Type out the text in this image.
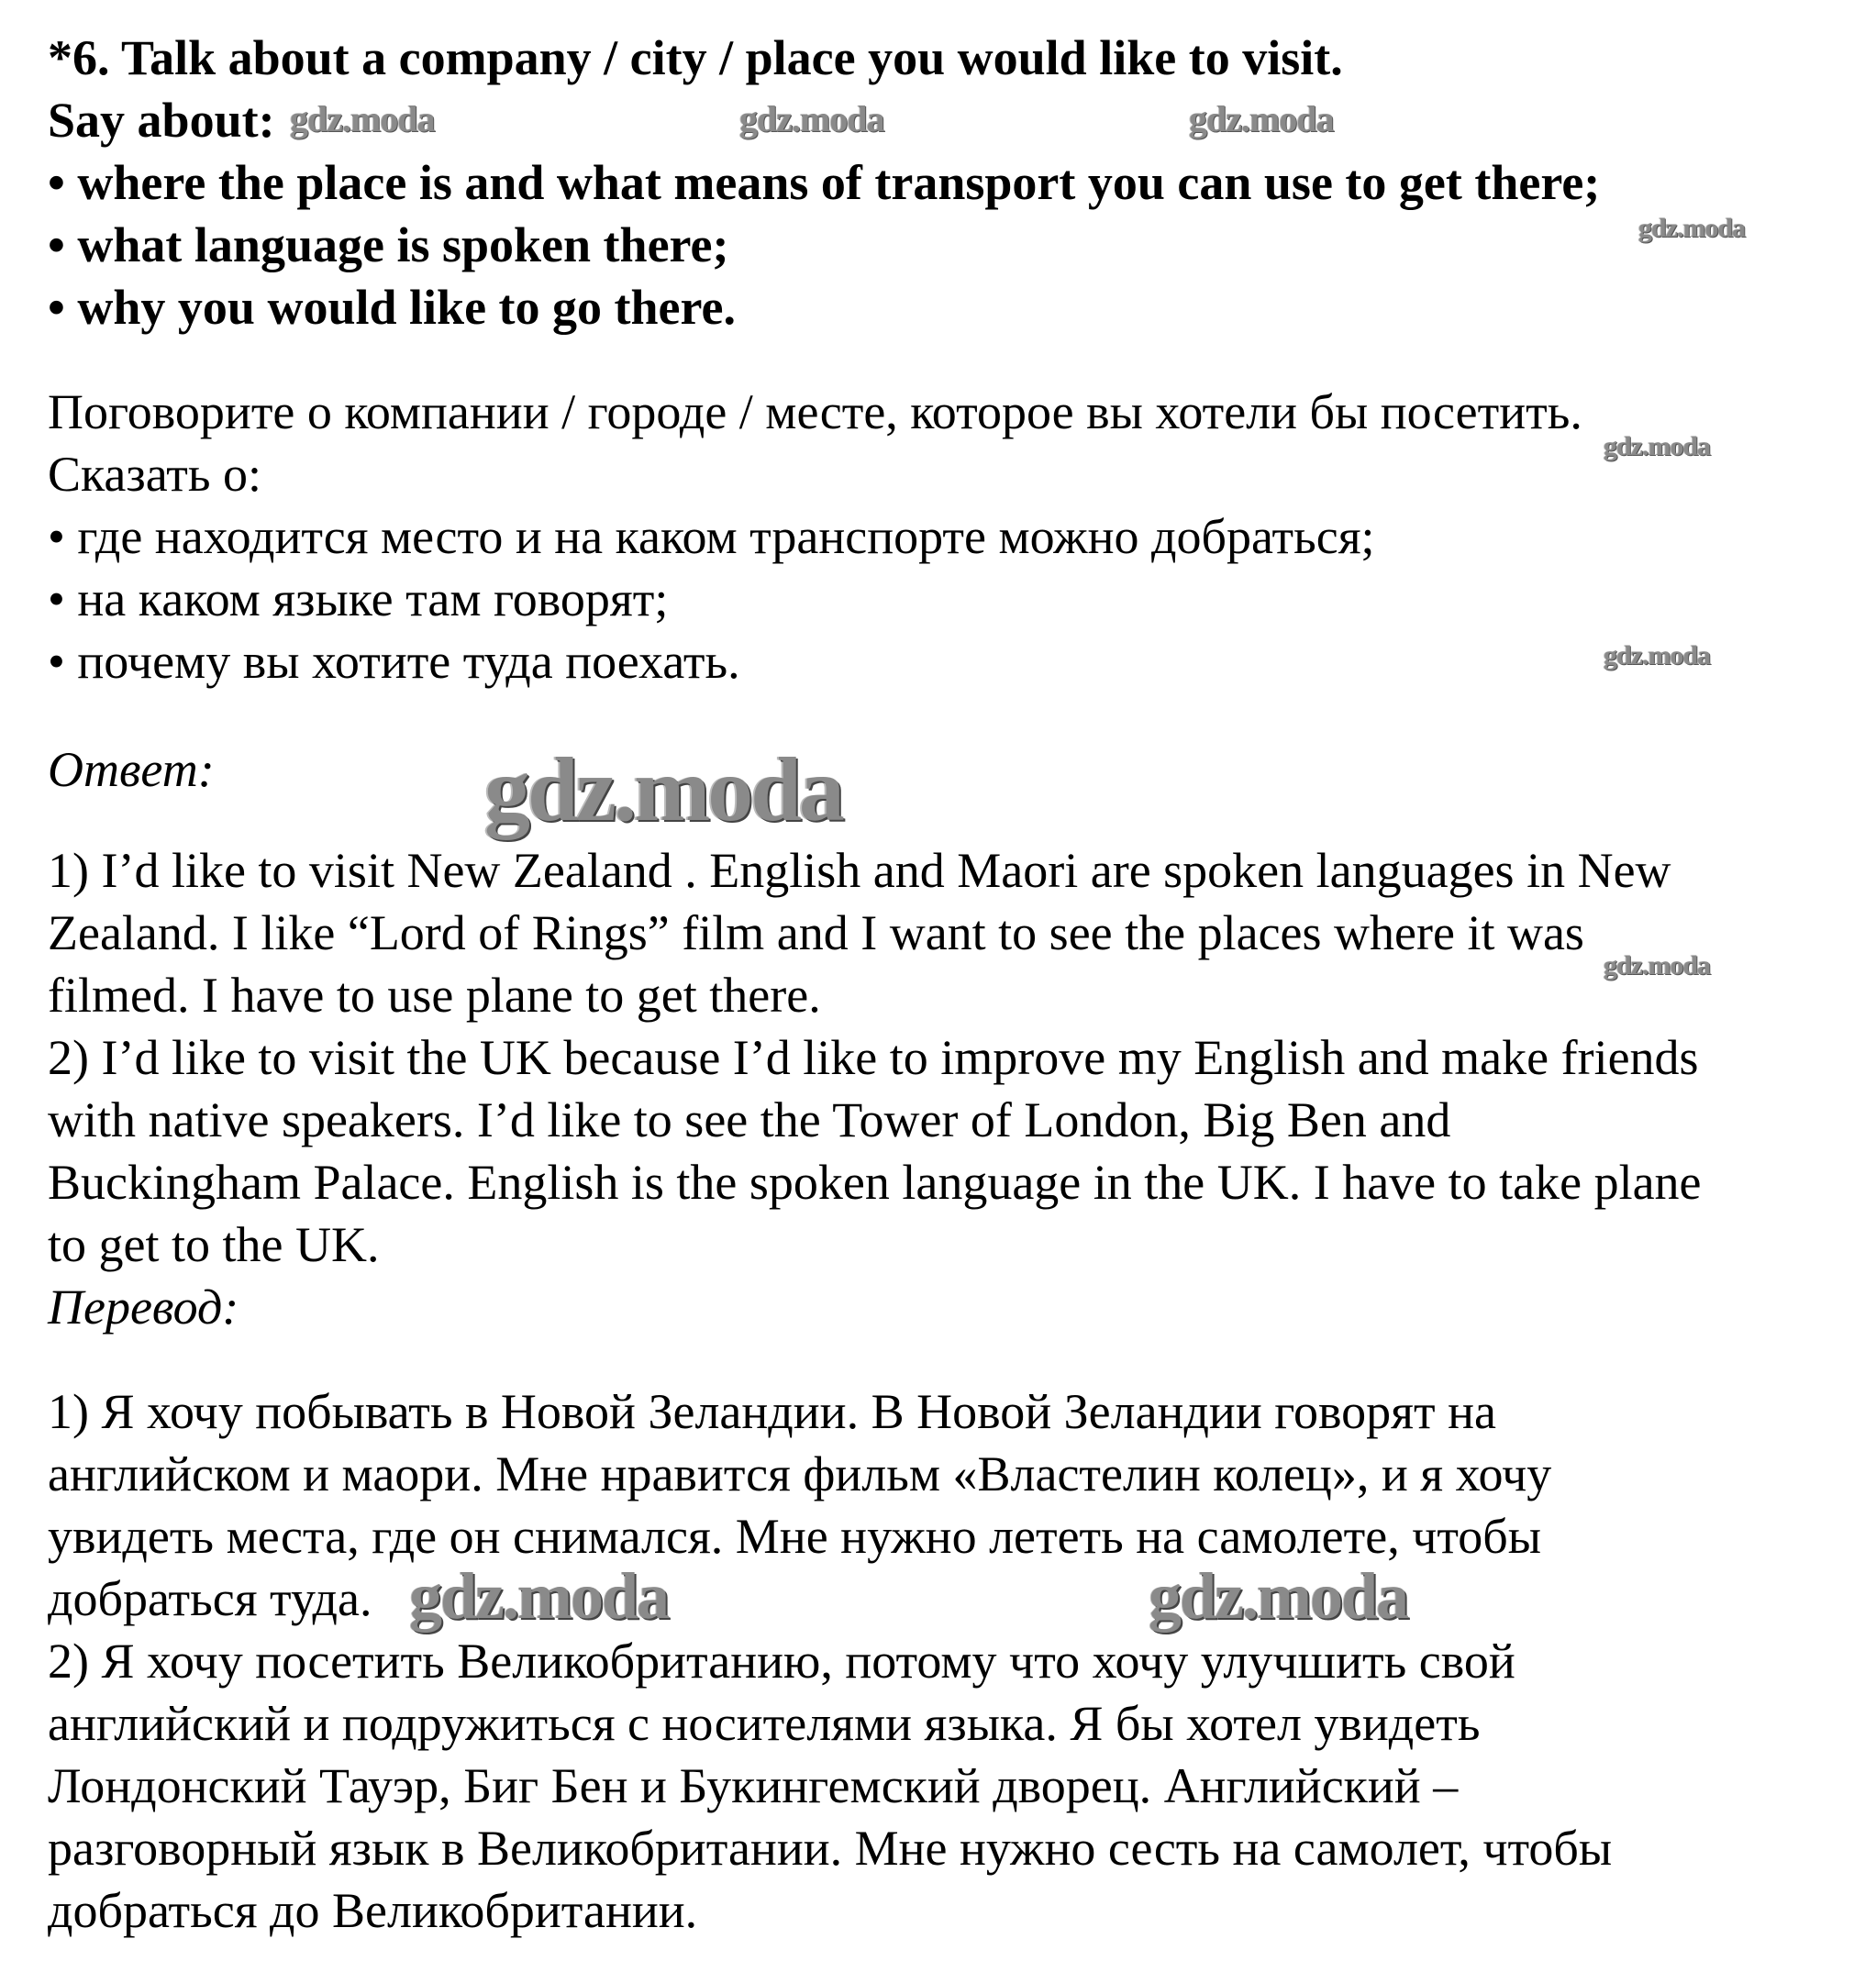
*6. Talk about a company / city / place you would like to visit.
Say about:
• where the place is and what means of transport you can use to get there;
• what language is spoken there;
• why you would like to go there.
Поговорите о компании / городе / месте, которое вы хотели бы посетить.
Сказать о:
• где находится место и на каком транспорте можно добраться;
• на каком языке там говорят;
• почему вы хотите туда поехать.
Ответ:
1) I’d like to visit New Zealand . English and Maori are spoken languages in New
Zealand. I like “Lord of Rings” film and I want to see the places where it was
filmed. I have to use plane to get there.
2) I’d like to visit the UK because I’d like to improve my English and make friends
with native speakers. I’d like to see the Tower of London, Big Ben and
Buckingham Palace. English is the spoken language in the UK. I have to take plane
to get to the UK.
Перевод:
1) Я хочу побывать в Новой Зеландии. В Новой Зеландии говорят на
английском и маори. Мне нравится фильм «Властелин колец», и я хочу
увидеть места, где он снимался. Мне нужно лететь на самолете, чтобы
добраться туда.
2) Я хочу посетить Великобританию, потому что хочу улучшить свой
английский и подружиться с носителями языка. Я бы хотел увидеть
Лондонский Тауэр, Биг Бен и Букингемский дворец. Английский –
разговорный язык в Великобритании. Мне нужно сесть на самолет, чтобы
добраться до Великобритании.
gdz.moda	gdz.moda	gdz.moda
gdz.moda
gdz.moda
gdz.moda
gdz.moda
gdz.moda
gdz.moda	gdz.moda
